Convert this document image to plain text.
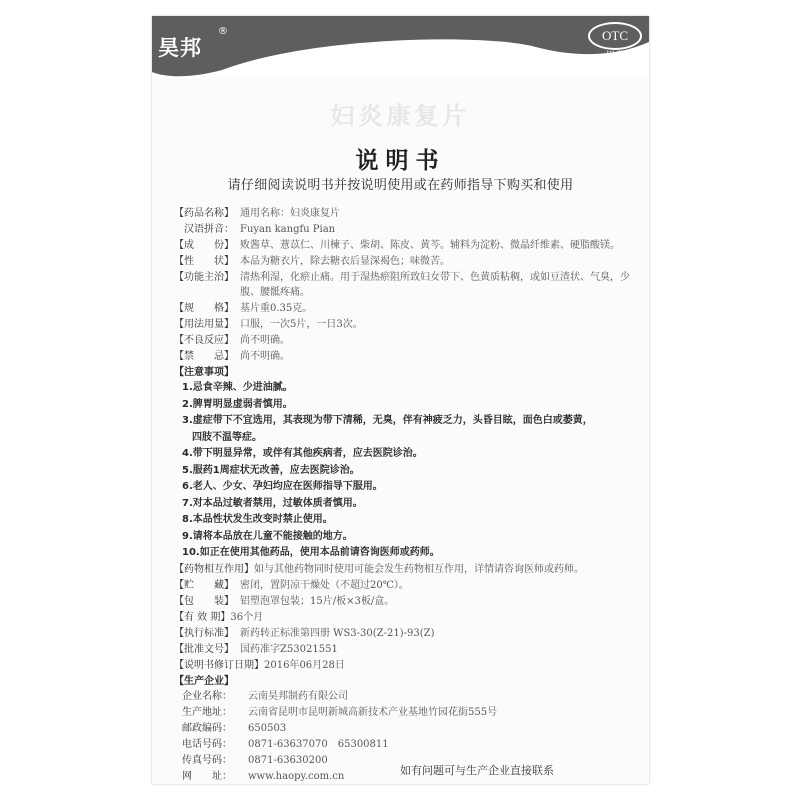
昊邦
®	OTC
甲类
妇炎康复片
说明书
请仔细阅读说明书并按说明使用或在药师指导下购买和使用
【药品名称】 通用名称：妇炎康复片
汉语拼音： Fuyan kangfu Pian
【成　　份】 败酱草、薏苡仁、川楝子、柴胡、陈皮、黄芩。辅料为淀粉、微晶纤维素、硬脂酸镁。
【性　　状】 本品为糖衣片，除去糖衣后显深褐色；味微苦。
【功能主治】 清热利湿，化瘀止痛。用于湿热瘀阻所致妇女带下、色黄质粘稠，或如豆渣状、气臭，少腹、腰骶疼痛。
【规　　格】 基片重0.35克。
【用法用量】 口服，一次5片，一日3次。
【不良反应】 尚不明确。
【禁　　忌】 尚不明确。
【注意事项】
1.忌食辛辣、少进油腻。
2.脾胃明显虚弱者慎用。
3.虚症带下不宜选用，其表现为带下清稀，无臭，伴有神疲乏力，头昏目眩，面色白或萎黄，
四肢不温等症。
4.带下明显异常，或伴有其他疾病者，应去医院诊治。
5.服药1周症状无改善，应去医院诊治。
6.老人、少女、孕妇均应在医师指导下服用。
7.对本品过敏者禁用，过敏体质者慎用。
8.本品性状发生改变时禁止使用。
9.请将本品放在儿童不能接触的地方。
10.如正在使用其他药品，使用本品前请咨询医师或药师。
【药物相互作用】 如与其他药物同时使用可能会发生药物相互作用，详情请咨询医师或药师。
【贮　　藏】 密闭，置阴凉干燥处（不超过20℃）。
【包　　装】 铝塑泡罩包装；15片/板×3板/盒。
【有 效 期】 36个月
【执行标准】 新药转正标准第四册 WS3-30(Z-21)-93(Z)
【批准文号】 国药准字Z53021551
【说明书修订日期】 2016年06月28日
【生产企业】
企业名称：	云南昊邦制药有限公司
生产地址：	云南省昆明市昆明新城高新技术产业基地竹园花街555号
邮政编码：	650503
电话号码：	0871-63637070　65300811
传真号码：	0871-63630200
网　　址：	www.haopy.com.cn	如有问题可与生产企业直接联系
